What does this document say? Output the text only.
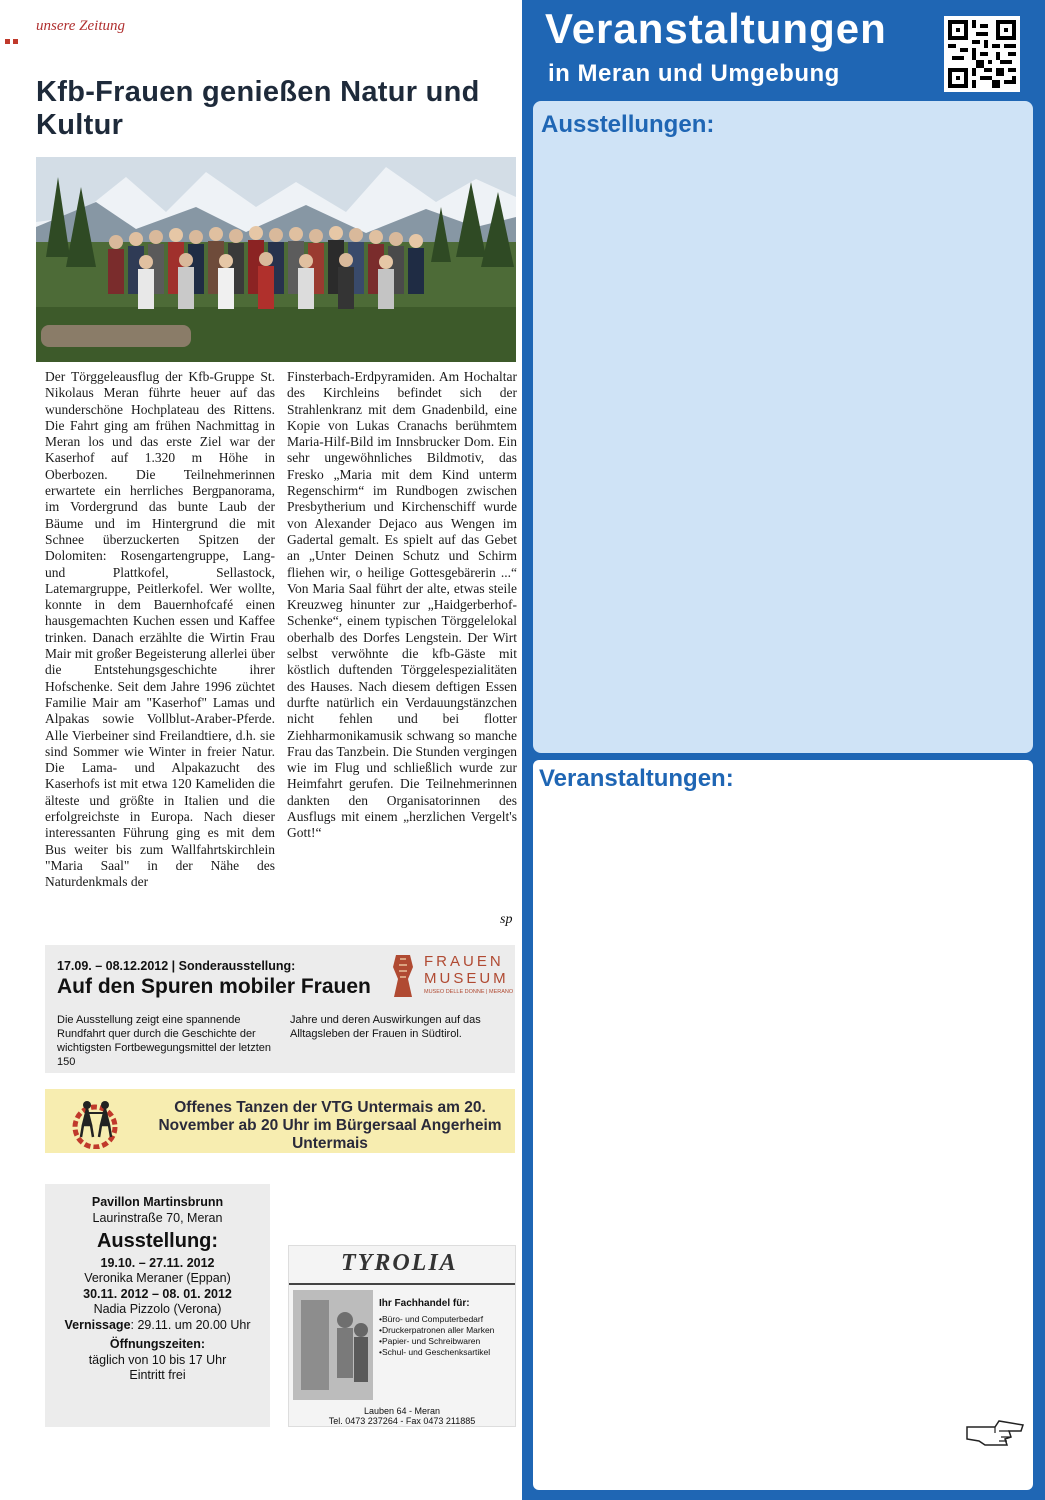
unsere Zeitung
Kfb-Frauen genießen Natur und Kultur
Der Törggeleausflug der Kfb-Gruppe St. Nikolaus Meran führte heuer auf das wunderschöne Hochplateau des Rittens. Die Fahrt ging am frühen Nachmittag in Meran los und das erste Ziel war der Kaserhof auf 1.320 m Höhe in Oberbozen. Die Teilnehmerinnen erwartete ein herrliches Bergpanorama, im Vordergrund das bunte Laub der Bäume und im Hintergrund die mit Schnee überzuckerten Spitzen der Dolomiten: Rosengartengruppe, Lang- und Plattkofel, Sellastock, Latemargruppe, Peitlerkofel. Wer wollte, konnte in dem Bauernhofcafé einen hausgemachten Kuchen essen und Kaffee trinken. Danach erzählte die Wirtin Frau Mair mit großer Begeisterung allerlei über die Entstehungsgeschichte ihrer Hofschenke. Seit dem Jahre 1996 züchtet Familie Mair am "Kaserhof" Lamas und Alpakas sowie Vollblut-Araber-Pferde. Alle Vierbeiner sind Freilandtiere, d.h. sie sind Sommer wie Winter in freier Natur. Die Lama- und Alpakazucht des Kaserhofs ist mit etwa 120 Kameliden die älteste und größte in Italien und die erfolgreichste in Europa. Nach dieser interessanten Führung ging es mit dem Bus weiter bis zum Wallfahrtskirchlein "Maria Saal" in der Nähe des Naturdenkmals der
Finsterbach-Erdpyramiden. Am Hochaltar des Kirchleins befindet sich der Strahlenkranz mit dem Gnadenbild, eine Kopie von Lukas Cranachs berühmtem Maria-Hilf-Bild im Innsbrucker Dom. Ein sehr ungewöhnliches Bildmotiv, das Fresko „Maria mit dem Kind unterm Regenschirm“ im Rundbogen zwischen Presbytherium und Kirchenschiff wurde von Alexander Dejaco aus Wengen im Gadertal gemalt. Es spielt auf das Gebet an „Unter Deinen Schutz und Schirm fliehen wir, o heilige Gottesgebärerin ...“ Von Maria Saal führt der alte, etwas steile Kreuzweg hinunter zur „Haidgerberhof-Schenke“, einem typischen Törggelelokal oberhalb des Dorfes Lengstein. Der Wirt selbst verwöhnte die kfb-Gäste mit köstlich duftenden Törggelespezialitäten des Hauses. Nach diesem deftigen Essen durfte natürlich ein Verdauungstänzchen nicht fehlen und bei flotter Ziehharmonikamusik schwang so manche Frau das Tanzbein. Die Stunden vergingen wie im Flug und schließlich wurde zur Heimfahrt gerufen. Die Teilnehmerinnen dankten den Organisatorinnen des Ausflugs mit einem „herzlichen Vergelt's Gott!“
sp
17.09. – 08.12.2012 | Sonderausstellung:
Auf den Spuren mobiler Frauen
Die Ausstellung zeigt eine spannende Rundfahrt quer durch die Geschichte der wichtigsten Fortbewegungsmittel der letzten 150
Jahre und deren Auswirkungen auf das Alltagsleben der Frauen in Südtirol.
FRAUEN
MUSEUM
MUSEO DELLE DONNE | MERANO
Offenes Tanzen der VTG Untermais am 20. November ab 20 Uhr im Bürgersaal Angerheim Untermais
Pavillon Martinsbrunn
Laurinstraße 70, Meran
Ausstellung:
19.10. – 27.11. 2012
Veronika Meraner (Eppan)
30.11. 2012 – 08. 01. 2012
Nadia Pizzolo (Verona)
Vernissage: 29.11. um 20.00 Uhr
Öffnungszeiten:
täglich von 10 bis 17 Uhr
Eintritt frei
TYROLIA
Ihr Fachhandel für:
•Büro- und Computerbedarf
•Druckerpatronen aller Marken
•Papier- und Schreibwaren
•Schul- und Geschenksartikel
Lauben 64 - Meran
Tel. 0473 237264 - Fax 0473 211885
Veranstaltungen
in Meran und Umgebung
Ausstellungen:
Veranstaltungen:
